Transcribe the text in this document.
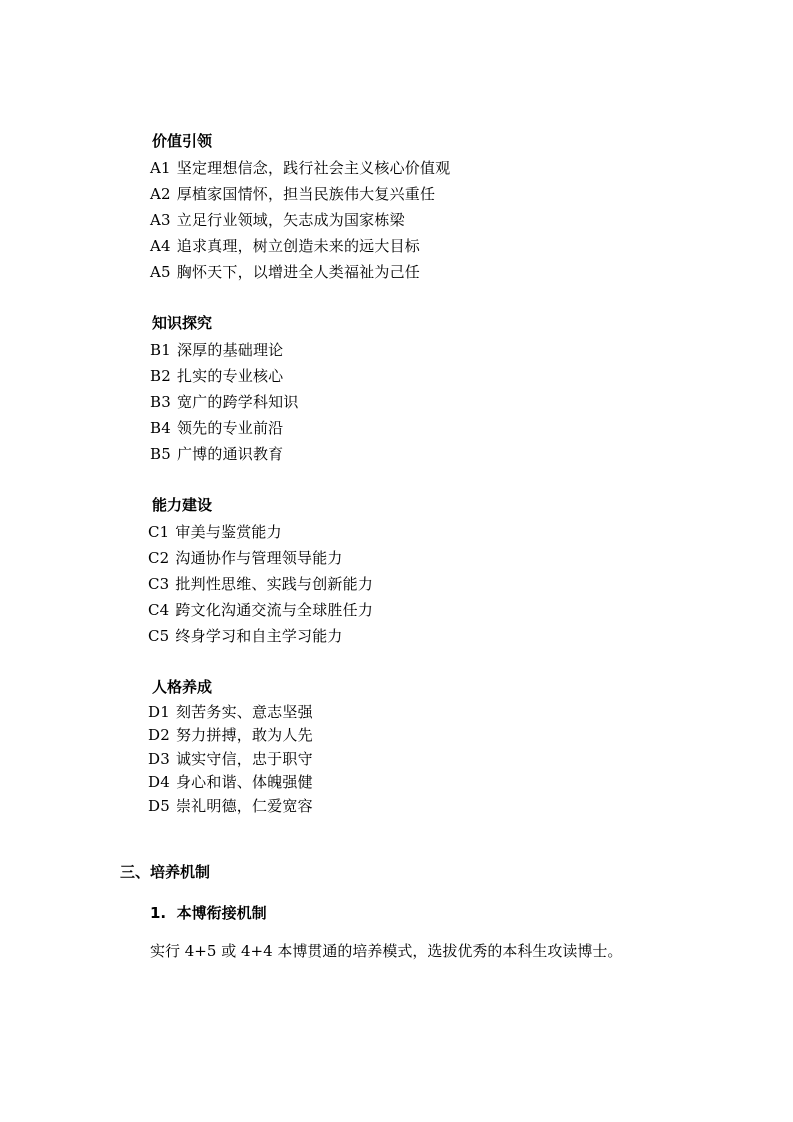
价值引领
A1 坚定理想信念，践行社会主义核心价值观
A2 厚植家国情怀，担当民族伟大复兴重任
A3 立足行业领域，矢志成为国家栋梁
A4 追求真理，树立创造未来的远大目标
A5 胸怀天下，以增进全人类福祉为己任
知识探究
B1 深厚的基础理论
B2 扎实的专业核心
B3 宽广的跨学科知识
B4 领先的专业前沿
B5 广博的通识教育
能力建设
C1 审美与鉴赏能力
C2 沟通协作与管理领导能力
C3 批判性思维、实践与创新能力
C4 跨文化沟通交流与全球胜任力
C5 终身学习和自主学习能力
人格养成
D1 刻苦务实、意志坚强
D2 努力拼搏，敢为人先
D3 诚实守信，忠于职守
D4 身心和谐、体魄强健
D5 崇礼明德，仁爱宽容
三、培养机制
1.  本博衔接机制
实行 4+5 或 4+4 本博贯通的培养模式，选拔优秀的本科生攻读博士。
